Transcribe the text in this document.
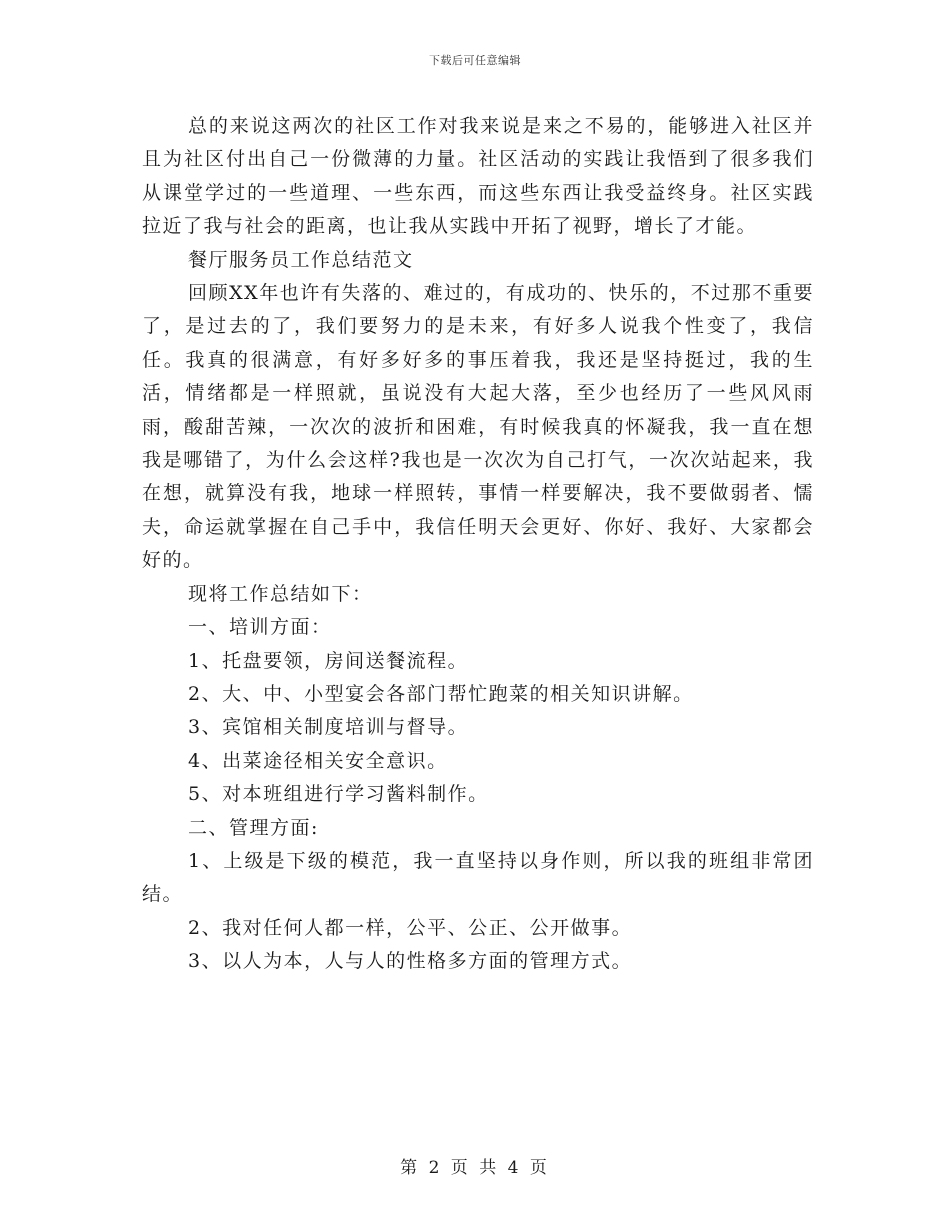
下载后可任意编辑

总的来说这两次的社区工作对我来说是来之不易的，能够进入社区并且为社区付出自己一份微薄的力量。社区活动的实践让我悟到了很多我们从课堂学过的一些道理、一些东西，而这些东西让我受益终身。社区实践拉近了我与社会的距离，也让我从实践中开拓了视野，增长了才能。

餐厅服务员工作总结范文

回顾XX年也许有失落的、难过的，有成功的、快乐的，不过那不重要了，是过去的了，我们要努力的是未来，有好多人说我个性变了，我信任。我真的很满意，有好多好多的事压着我，我还是坚持挺过，我的生活，情绪都是一样照就，虽说没有大起大落，至少也经历了一些风风雨雨，酸甜苦辣，一次次的波折和困难，有时候我真的怀凝我，我一直在想我是哪错了，为什么会这样?我也是一次次为自己打气，一次次站起来，我在想，就算没有我，地球一样照转，事情一样要解决，我不要做弱者、懦夫，命运就掌握在自己手中，我信任明天会更好、你好、我好、大家都会好的。

现将工作总结如下：

一、培训方面：

1、托盘要领，房间送餐流程。

2、大、中、小型宴会各部门帮忙跑菜的相关知识讲解。

3、宾馆相关制度培训与督导。

4、出菜途径相关安全意识。

5、对本班组进行学习酱料制作。

二、管理方面:

1、上级是下级的模范，我一直坚持以身作则，所以我的班组非常团结。

2、我对任何人都一样，公平、公正、公开做事。

3、以人为本，人与人的性格多方面的管理方式。

第 2 页 共 4 页
